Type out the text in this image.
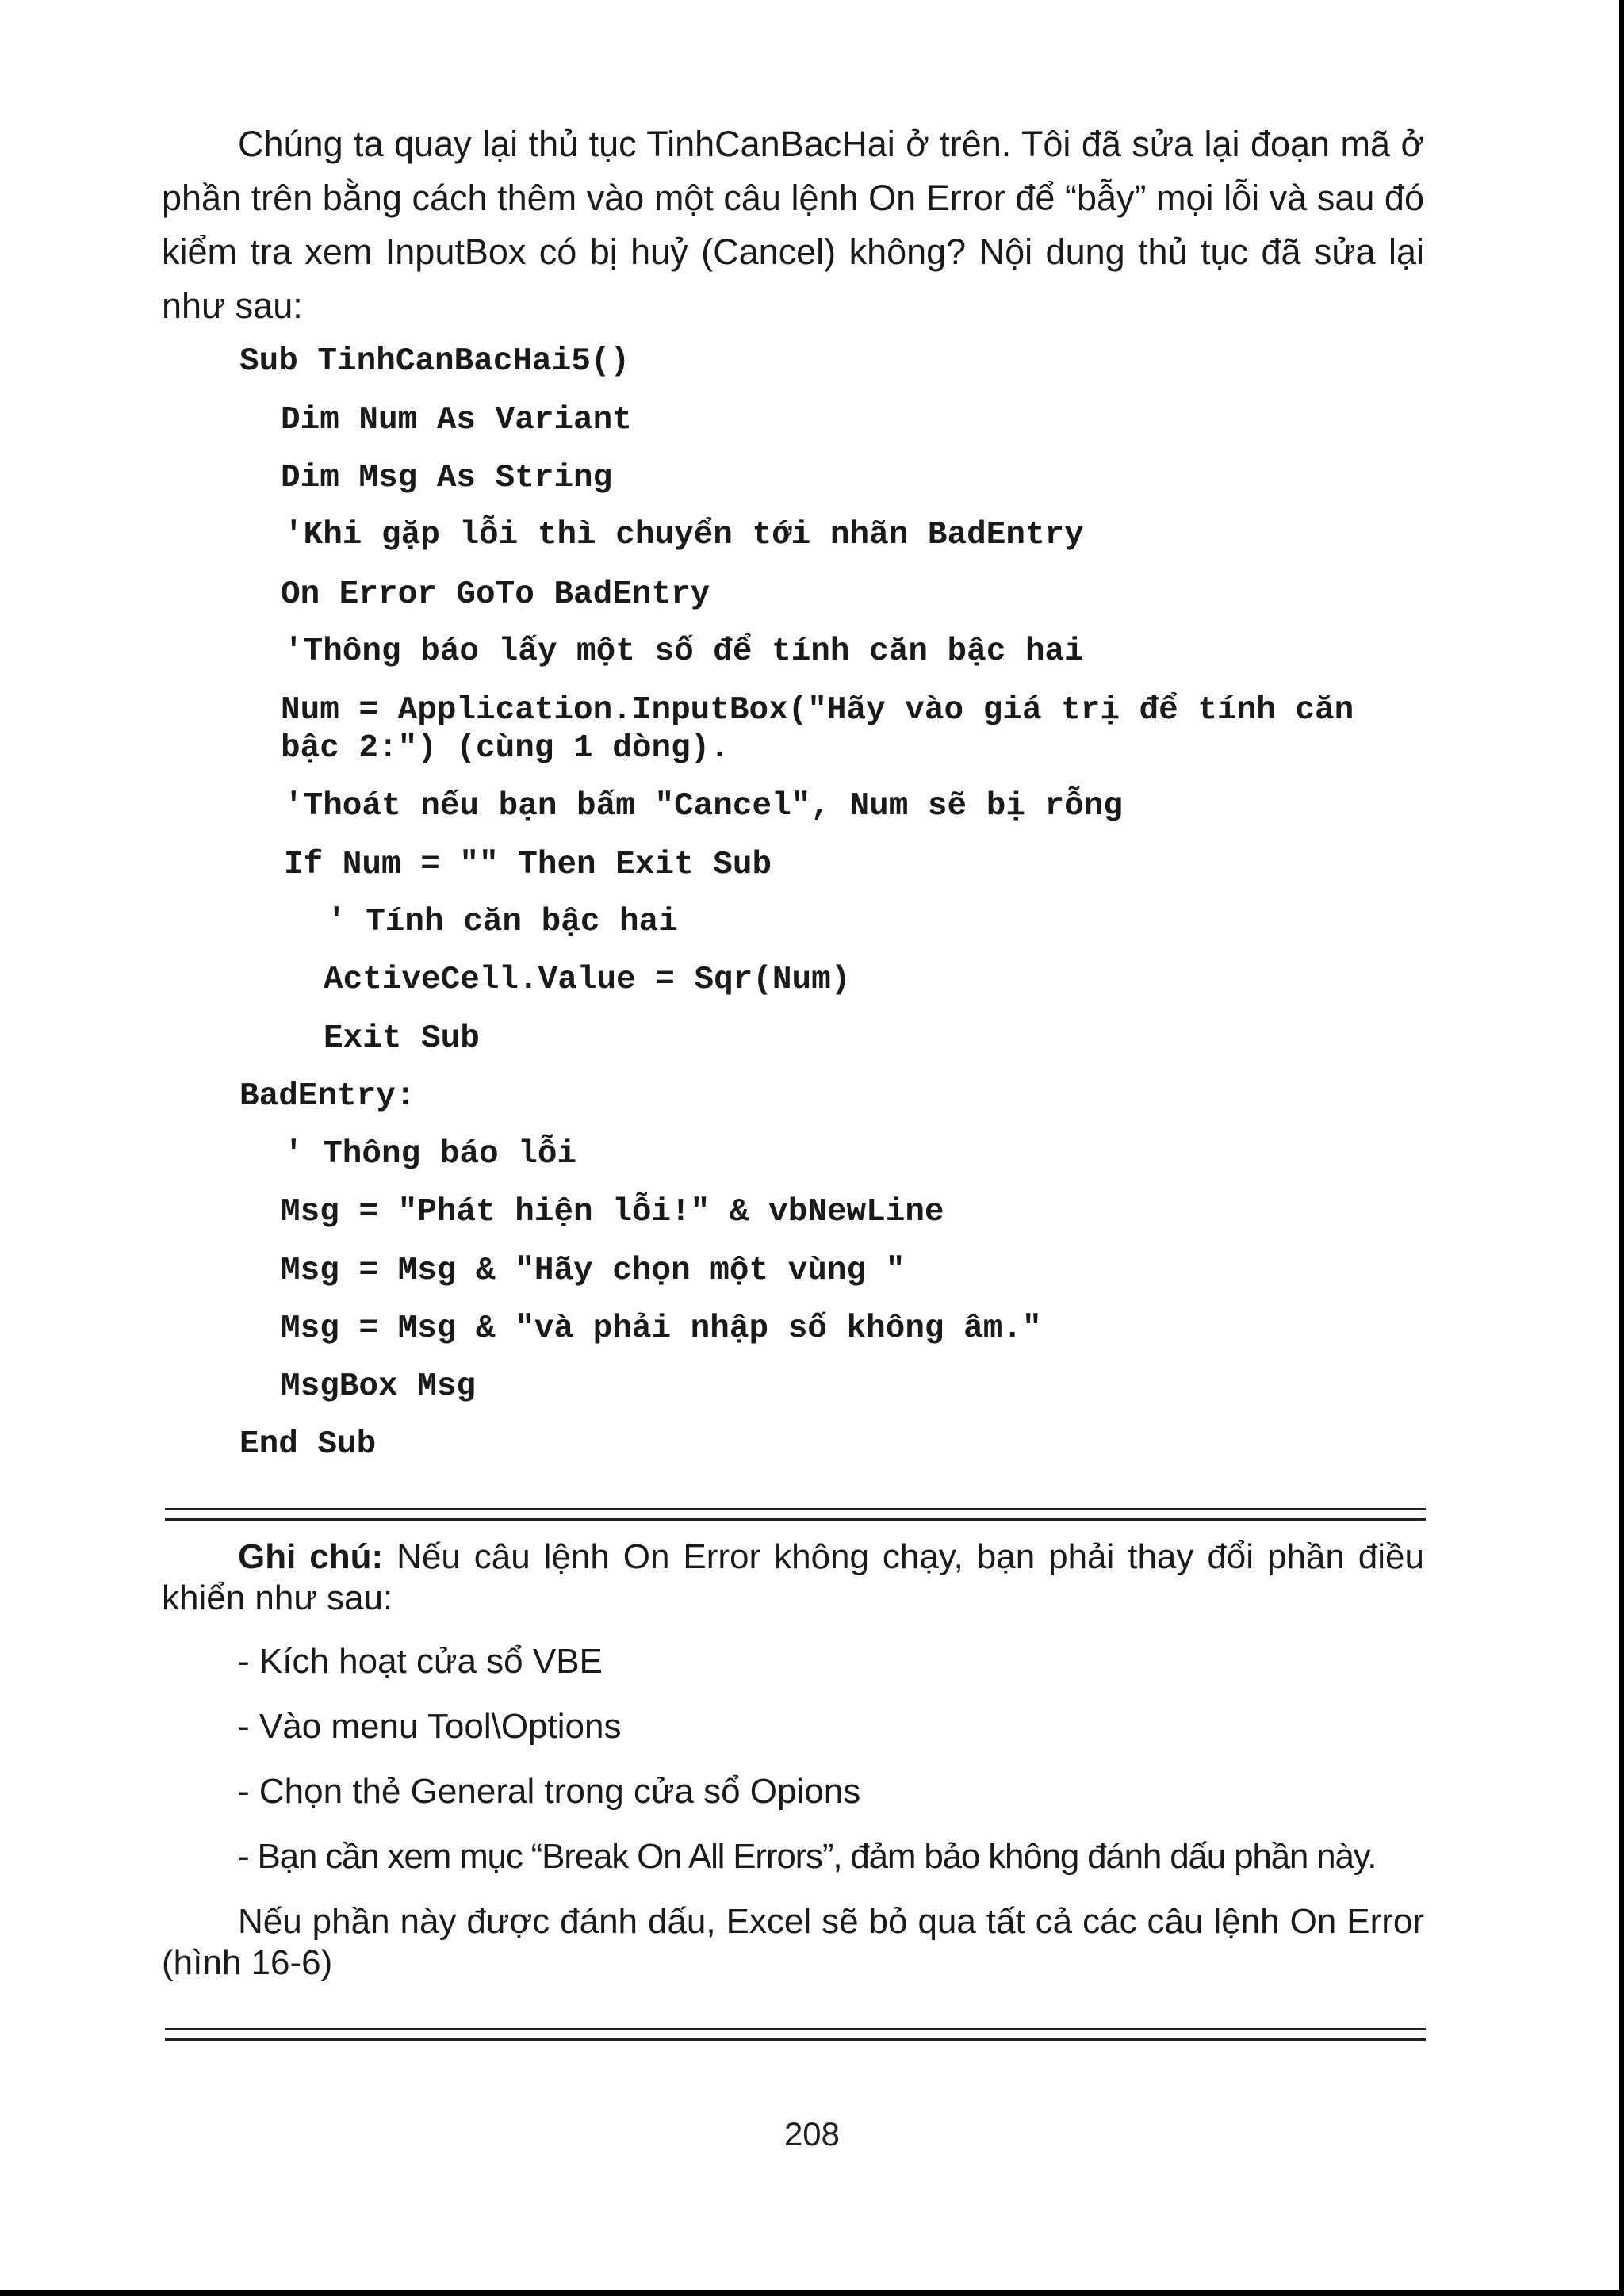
Chúng ta quay lại thủ tục TinhCanBacHai ở trên. Tôi đã sửa lại đoạn mã ở phần trên bằng cách thêm vào một câu lệnh On Error để “bẫy” mọi lỗi và sau đó kiểm tra xem InputBox có bị huỷ (Cancel) không? Nội dung thủ tục đã sửa lại như sau:

Sub TinhCanBacHai5()
Dim Num As Variant
Dim Msg As String
'Khi gặp lỗi thì chuyển tới nhãn BadEntry
On Error GoTo BadEntry
'Thông báo lấy một số để tính căn bậc hai
Num = Application.InputBox("Hãy vào giá trị để tính căn
bậc 2:") (cùng 1 dòng).
'Thoát nếu bạn bấm "Cancel", Num sẽ bị rỗng
If Num = "" Then Exit Sub
' Tính căn bậc hai
ActiveCell.Value = Sqr(Num)
Exit Sub
BadEntry:
' Thông báo lỗi
Msg = "Phát hiện lỗi!" & vbNewLine
Msg = Msg & "Hãy chọn một vùng "
Msg = Msg & "và phải nhập số không âm."
MsgBox Msg
End Sub

Ghi chú: Nếu câu lệnh On Error không chạy, bạn phải thay đổi phần điều khiển như sau:

- Kích hoạt cửa sổ VBE

- Vào menu Tool\Options

- Chọn thẻ General trong cửa sổ Opions

- Bạn cần xem mục “Break On All Errors”, đảm bảo không đánh dấu phần này.

Nếu phần này được đánh dấu, Excel sẽ bỏ qua tất cả các câu lệnh On Error (hình 16-6)

208
